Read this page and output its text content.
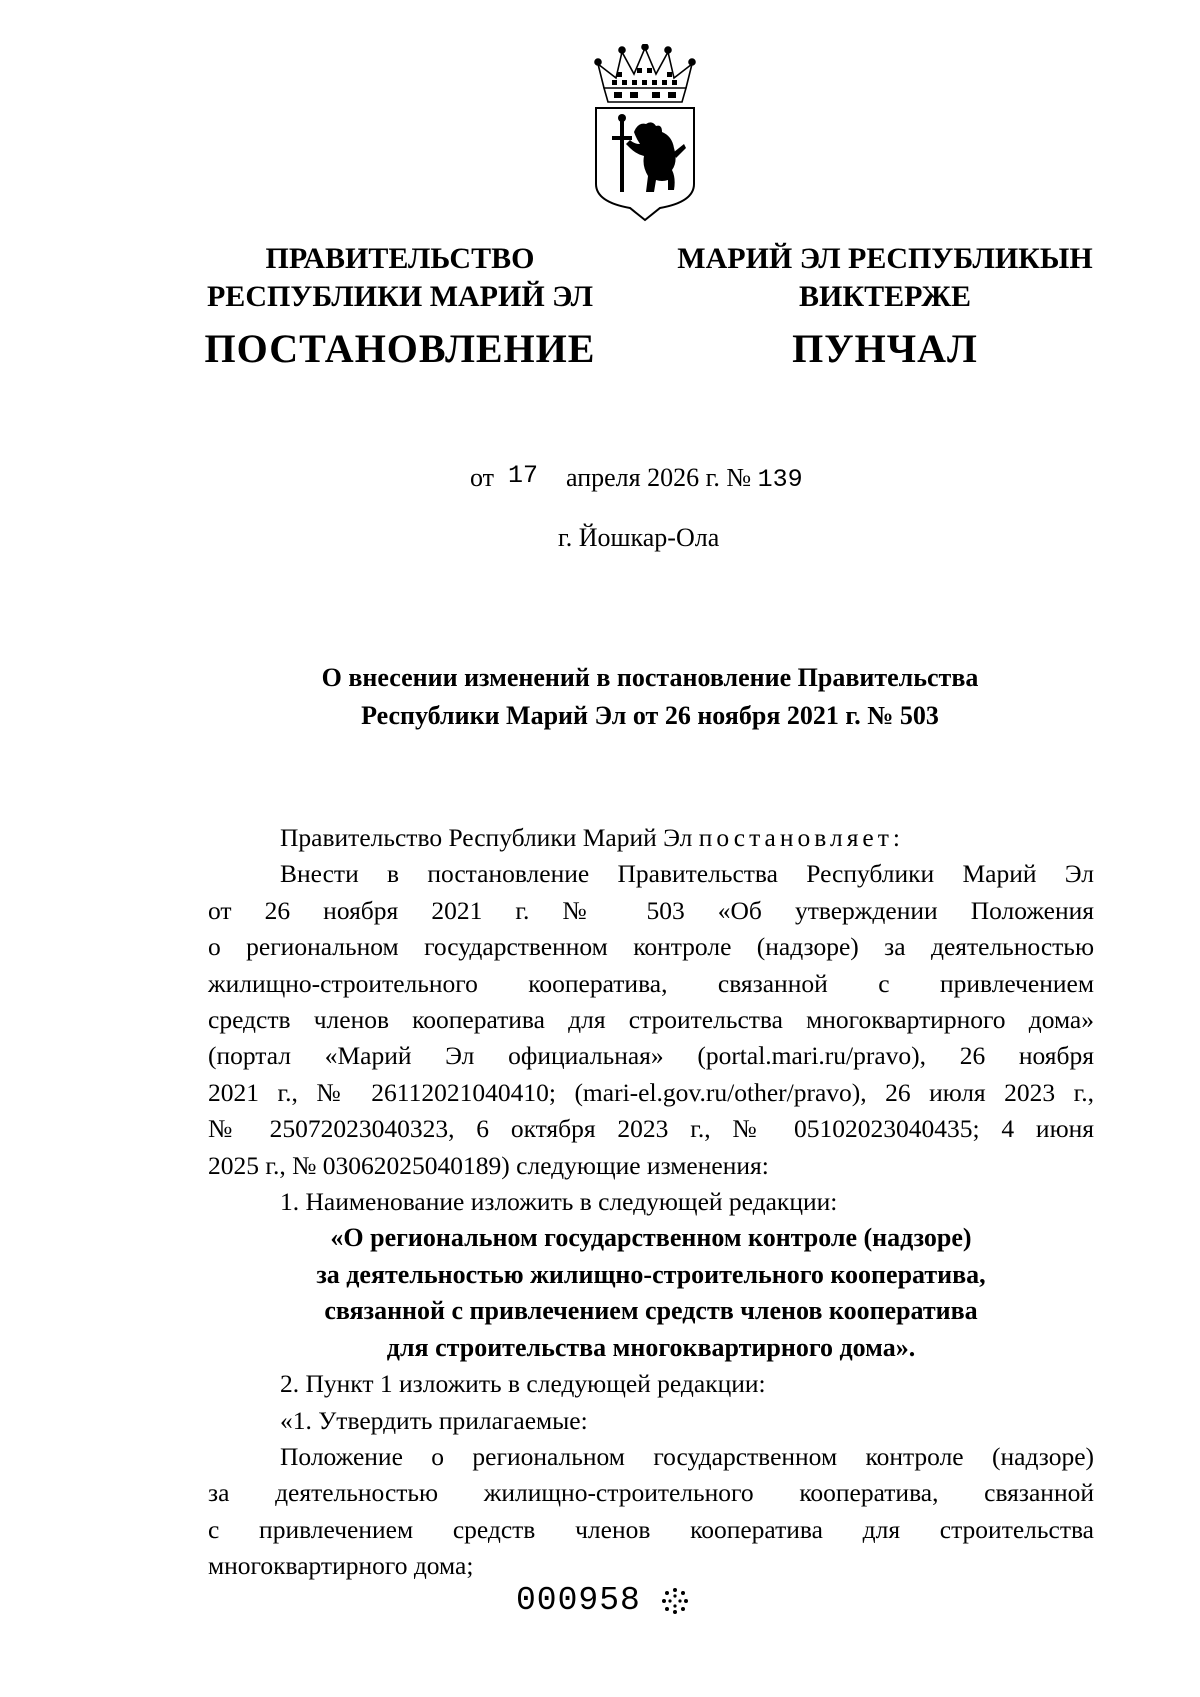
ПРАВИТЕЛЬСТВО
РЕСПУБЛИКИ МАРИЙ ЭЛ
МАРИЙ ЭЛ РЕСПУБЛИКЫН
ВИКТЕРЖЕ
ПОСТАНОВЛЕНИЕ	ПУНЧАЛ
от 17 апреля 2026 г. № 139
г. Йошкар-Ола
О внесении изменений в постановление Правительства
Республики Марий Эл от 26 ноября 2021 г. № 503

Правительство Республики Марий Эл постановляет:

Внести в постановление Правительства Республики Марий Эл

от 26 ноября 2021 г. № 503 «Об утверждении Положения

о региональном государственном контроле (надзоре) за деятельностью

жилищно-строительного кооператива, связанной с привлечением

средств членов кооператива для строительства многоквартирного дома»

(портал «Марий Эл официальная» (portal.mari.ru/pravo), 26 ноября

2021 г., № 26112021040410; (mari-el.gov.ru/other/pravo), 26 июля 2023 г.,

№ 25072023040323, 6 октября 2023 г., № 05102023040435; 4 июня

2025 г., № 03062025040189) следующие изменения:

1. Наименование изложить в следующей редакции:

«О региональном государственном контроле (надзоре)

за деятельностью жилищно-строительного кооператива,

связанной с привлечением средств членов кооператива

для строительства многоквартирного дома».

2. Пункт 1 изложить в следующей редакции:

«1. Утвердить прилагаемые:

Положение о региональном государственном контроле (надзоре)

за деятельностью жилищно-строительного кооператива, связанной

с привлечением средств членов кооператива для строительства

многоквартирного дома;

000958
